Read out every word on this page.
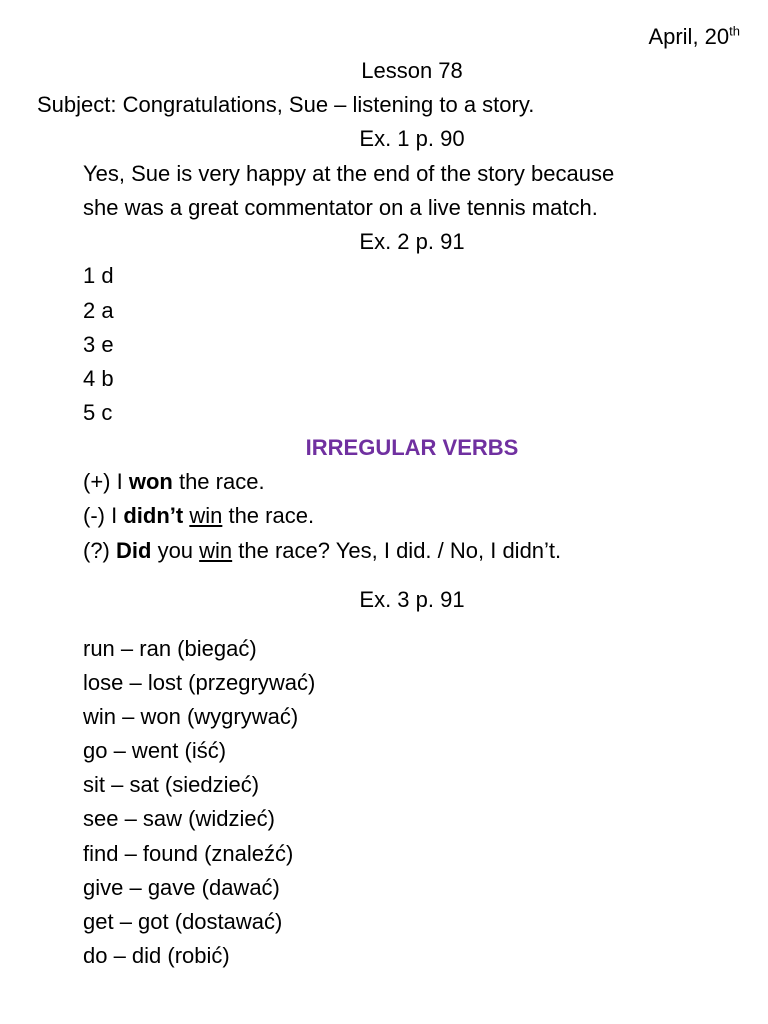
April, 20th
Lesson 78
Subject: Congratulations, Sue – listening to a story.
Ex. 1 p. 90
Yes, Sue is very happy at the end of the story because
she was a great commentator on a live tennis match.
Ex. 2 p. 91
1 d
2 a
3 e
4 b
5 c
IRREGULAR VERBS
(+) I won the race.
(-) I didn’t win the race.
(?) Did you win the race? Yes, I did. / No, I didn’t.
Ex. 3 p. 91
run – ran (biegać)
lose – lost (przegrywać)
win – won (wygrywać)
go – went (iść)
sit – sat (siedzieć)
see – saw (widzieć)
find – found (znaleźć)
give – gave (dawać)
get – got (dostawać)
do – did (robić)
